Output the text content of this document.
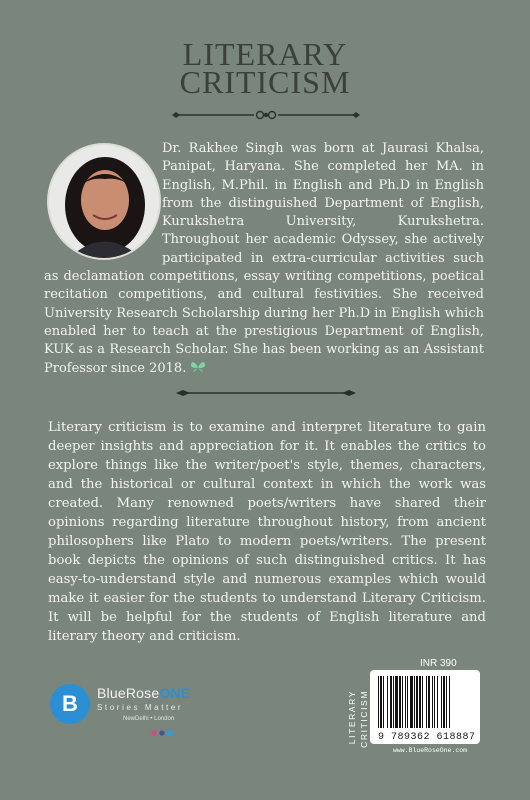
LITERARY
CRITICISM
Dr. Rakhee Singh was born at Jaurasi Khalsa, Panipat, Haryana. She completed her MA. in English, M.Phil. in English and Ph.D in English from the distinguished Department of English, Kurukshetra University, Kurukshetra. Throughout her academic Odyssey, she actively participated in extra-curricular activities such as declamation competitions, essay writing competitions, poetical recitation competitions, and cultural festivities. She received University Research Scholarship during her Ph.D in English which enabled her to teach at the prestigious Department of English, KUK as a Research Scholar. She has been working as an Assistant Professor since 2018.
Literary criticism is to examine and interpret literature to gain deeper insights and appreciation for it. It enables the critics to explore things like the writer/poet's style, themes, characters, and the historical or cultural context in which the work was created. Many renowned poets/writers have shared their opinions regarding literature throughout history, from ancient philosophers like Plato to modern poets/writers. The present book depicts the opinions of such distinguished critics. It has easy-to-understand style and numerous examples which would make it easier for the students to understand Literary Criticism. It will be helpful for the students of English literature and literary theory and criticism.
B	BlueRoseONE
Stories Matter
NewDelhi • London	LITERARY CRITICISM
INR 390
9 789362 618887
www.BlueRoseOne.com
